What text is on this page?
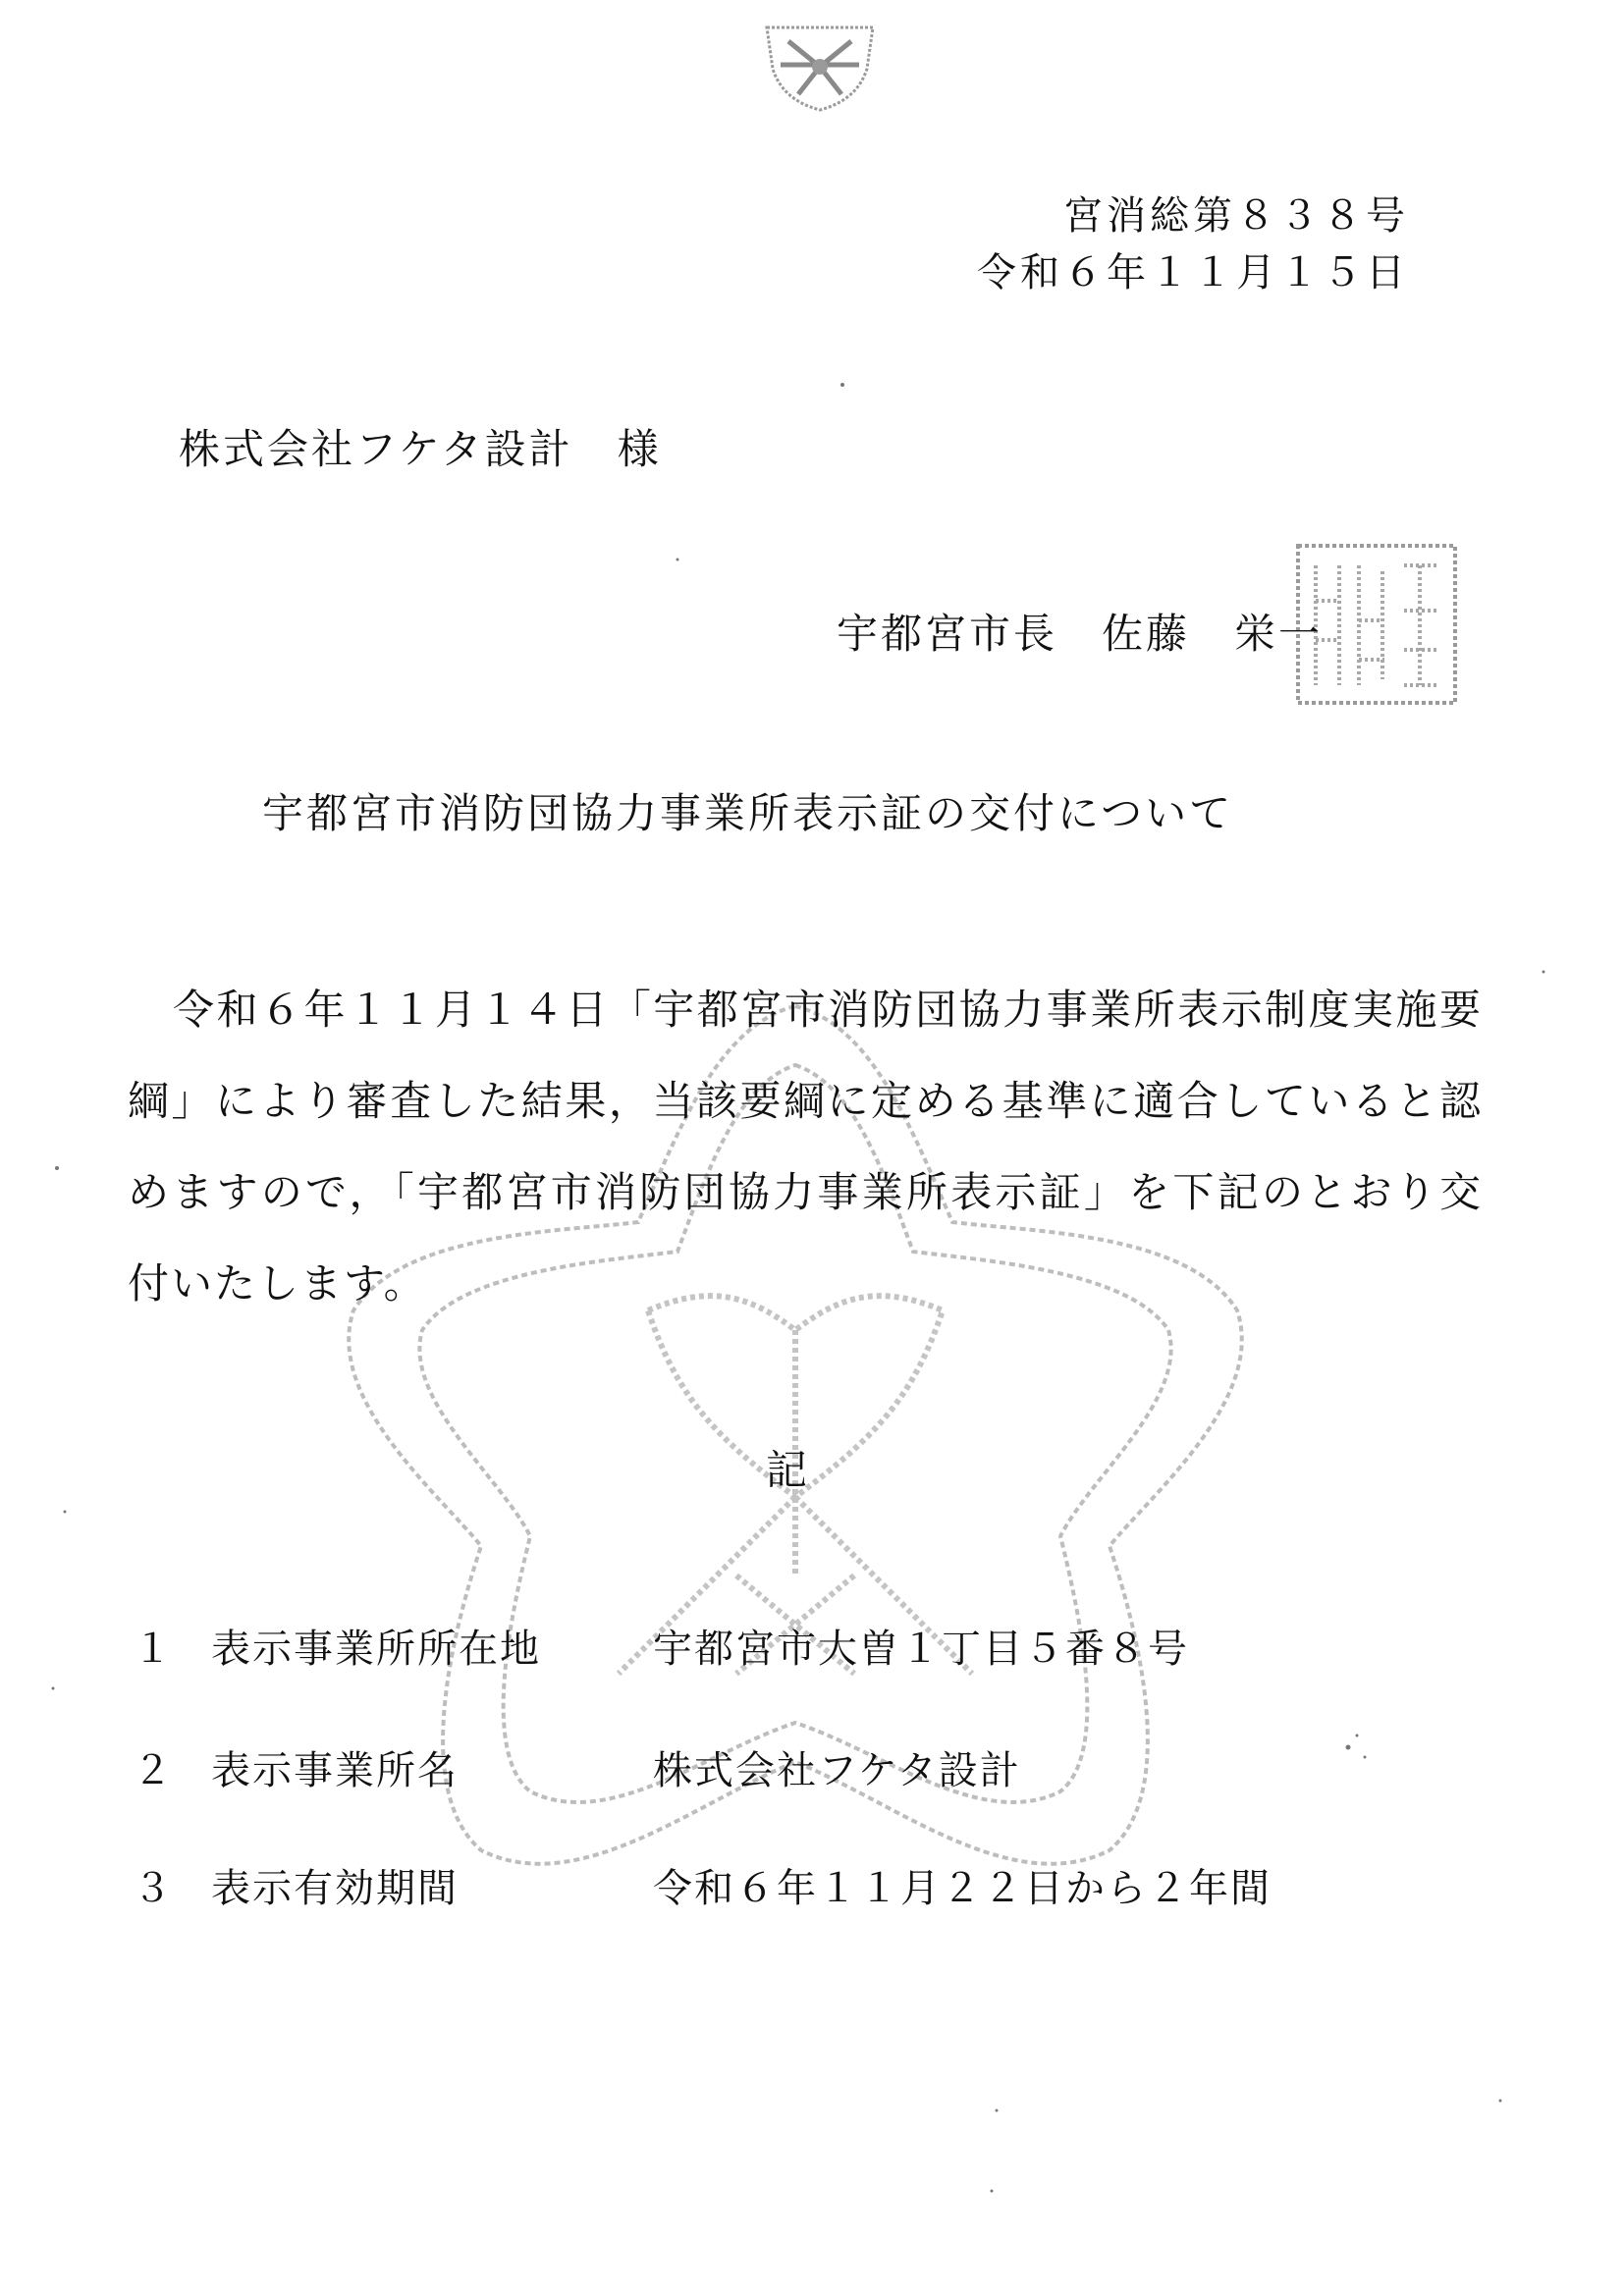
宮消総第８３８号
令和６年１１月１５日
株式会社フケタ設計　様
宇都宮市長　佐藤　栄一
宇都宮市消防団協力事業所表示証の交付について
令和６年１１月１４日「宇都宮市消防団協力事業所表示制度実施要綱」により審査した結果，当該要綱に定める基準に適合していると認めますので，「宇都宮市消防団協力事業所表示証」を下記のとおり交付いたします。
記
１ 表示事業所所在地	宇都宮市大曽１丁目５番８号
２ 表示事業所名	株式会社フケタ設計
３ 表示有効期間	令和６年１１月２２日から２年間
